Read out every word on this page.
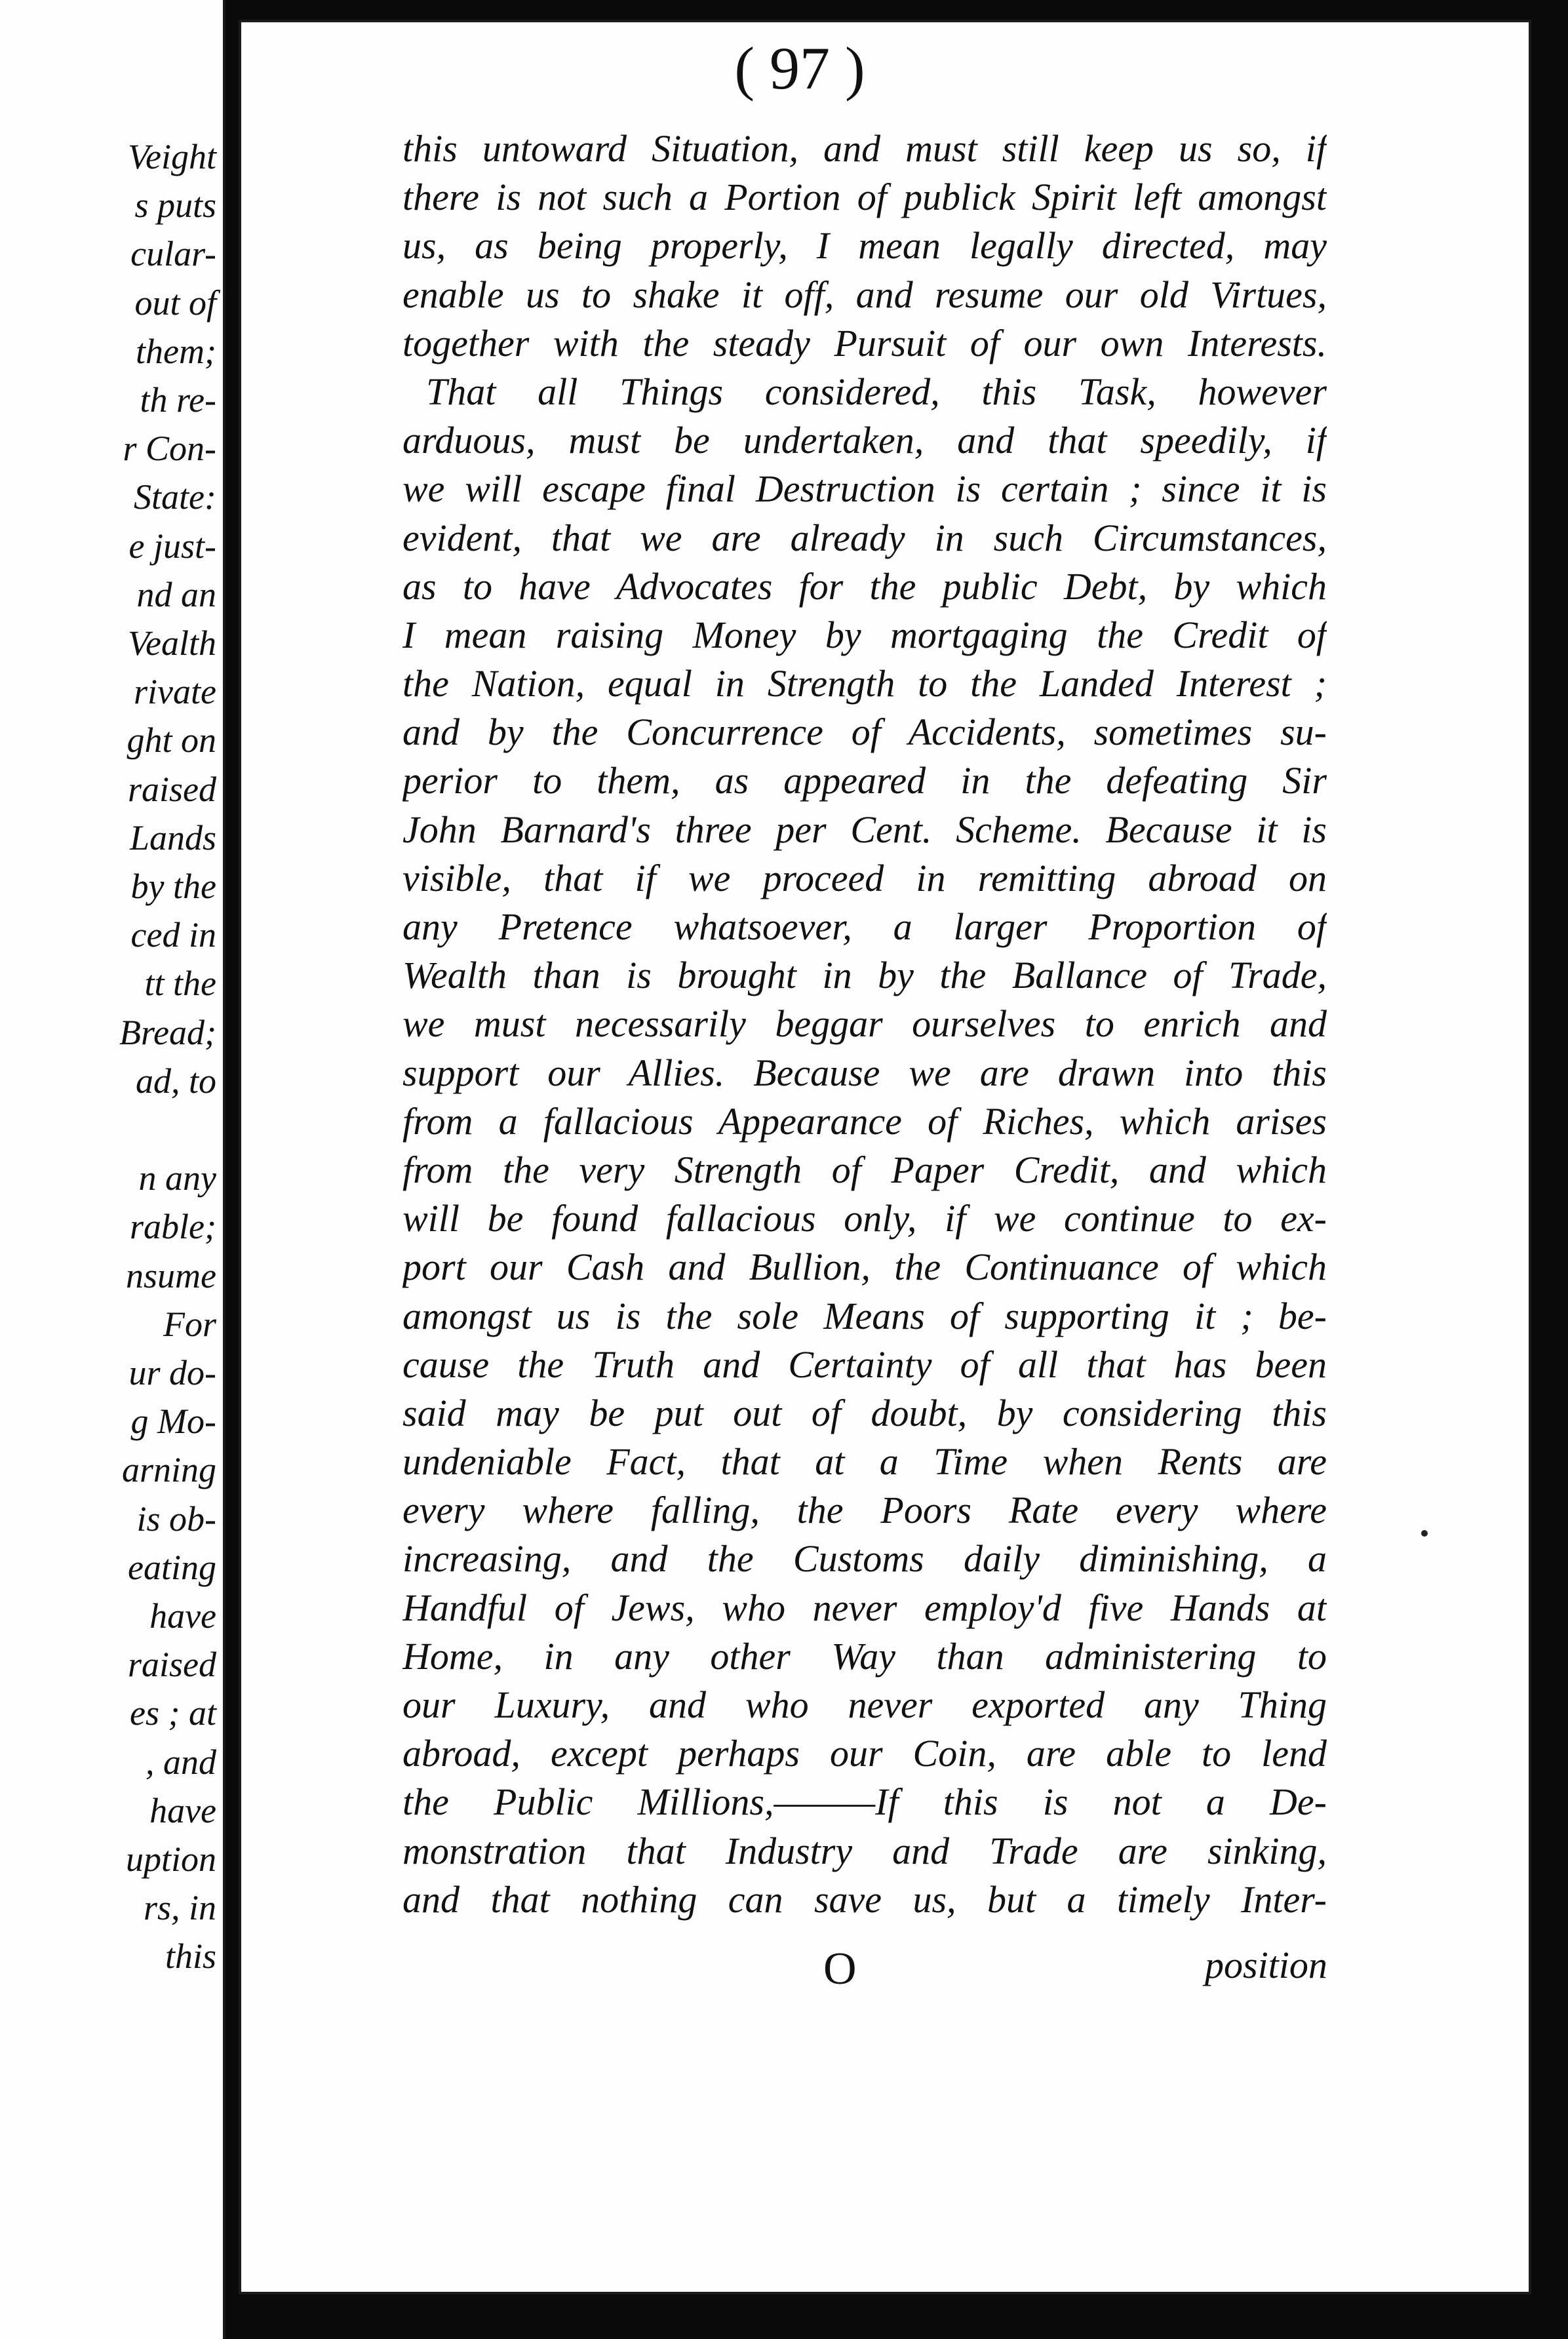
Veight
s puts
cular-
out of
them;
th re-
r Con-
State:
e just-
nd an
Vealth
rivate
ght on
raised
Lands
by the
ced in
tt the
Bread;
ad, to
n any
rable;
nsume
For
ur do-
g Mo-
arning
is ob-
eating
have
raised
es ; at
, and
have
uption
rs, in
this
( 97 )
this untoward Situation, and must still keep us so, if
there is not such a Portion of publick Spirit left amongst
us, as being properly, I mean legally directed, may
enable us to shake it off, and resume our old Virtues,
together with the steady Pursuit of our own Interests.
That all Things considered, this Task, however
arduous, must be undertaken, and that speedily, if
we will escape final Destruction is certain ; since it is
evident, that we are already in such Circumstances,
as to have Advocates for the public Debt, by which
I mean raising Money by mortgaging the Credit of
the Nation, equal in Strength to the Landed Interest ;
and by the Concurrence of Accidents, sometimes su-
perior to them, as appeared in the defeating Sir
John Barnard's three per Cent. Scheme. Because it is
visible, that if we proceed in remitting abroad on
any Pretence whatsoever, a larger Proportion of
Wealth than is brought in by the Ballance of Trade,
we must necessarily beggar ourselves to enrich and
support our Allies. Because we are drawn into this
from a fallacious Appearance of Riches, which arises
from the very Strength of Paper Credit, and which
will be found fallacious only, if we continue to ex-
port our Cash and Bullion, the Continuance of which
amongst us is the sole Means of supporting it ; be-
cause the Truth and Certainty of all that has been
said may be put out of doubt, by considering this
undeniable Fact, that at a Time when Rents are
every where falling, the Poors Rate every where
increasing, and the Customs daily diminishing, a
Handful of Jews, who never employ'd five Hands at
Home, in any other Way than administering to
our Luxury, and who never exported any Thing
abroad, except perhaps our Coin, are able to lend
the Public Millions,———If this is not a De-
monstration that Industry and Trade are sinking,
and that nothing can save us, but a timely Inter-
O	position
